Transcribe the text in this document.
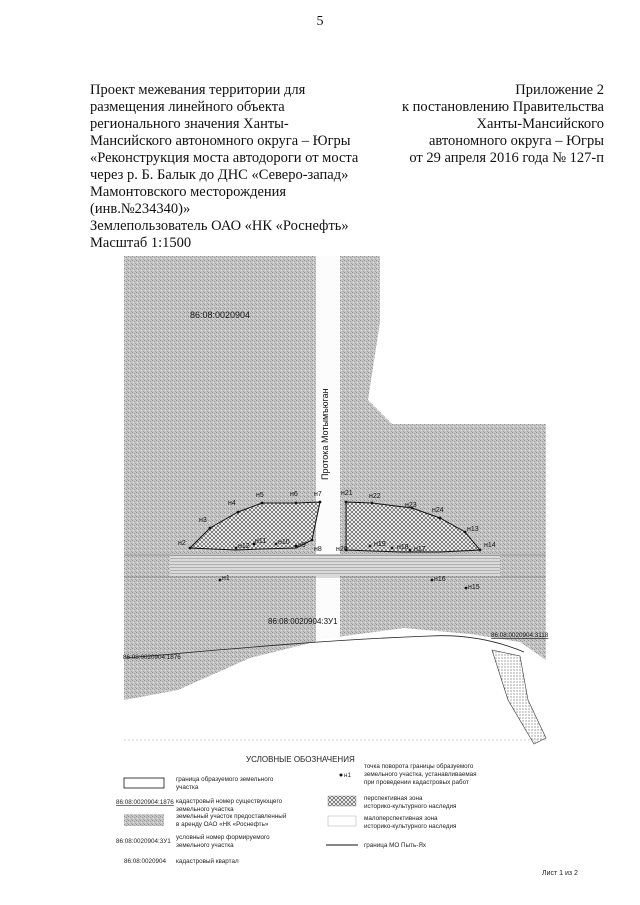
5
Проект межевания территории для
размещения линейного объекта
регионального значения Ханты-
Мансийского автономного округа – Югры
«Реконструкция моста автодороги от моста
через р. Б. Балык до ДНС «Северо-запад»
Мамонтовского месторождения
(инв.№234340)»
Землепользователь ОАО «НК «Роснефть»
Масштаб 1:1500
Приложение 2
к постановлению Правительства
Ханты-Мансийского
автономного округа – Югры
от 29 апреля 2016 года № 127-п
н1
н2
н3
н4
н5	н6 н7
н8
н9
н10
н11
н12
н13
н14
н15
н16
н17
н18
н19
н20
н21 н22
н23
н24
86:08:0020904
Протока Мотымъюган
86:08:0020904:3У1
86:08:0020904:3118
86:08:0020904:1876
УСЛОВНЫЕ ОБОЗНАЧЕНИЯ
граница образуемого земельного
участка
86:08:0020904:1876 кадастровый номер существующего
земельного участка
земельный участок предоставленный
в аренду ОАО «НК «Роснефть»
86:08:0020904:3У1
условный номер формируемого
земельного участка
86:08:0020904 кадастровый квартал
н1
точка поворота границы образуемого
земельного участка, устанавливаемая
при проведении кадастровых работ
перспективная зона
историко-культурного наследия
малоперспективная зона
историко-культурного наследия
граница МО Пыть-Ях
Лист 1 из 2
